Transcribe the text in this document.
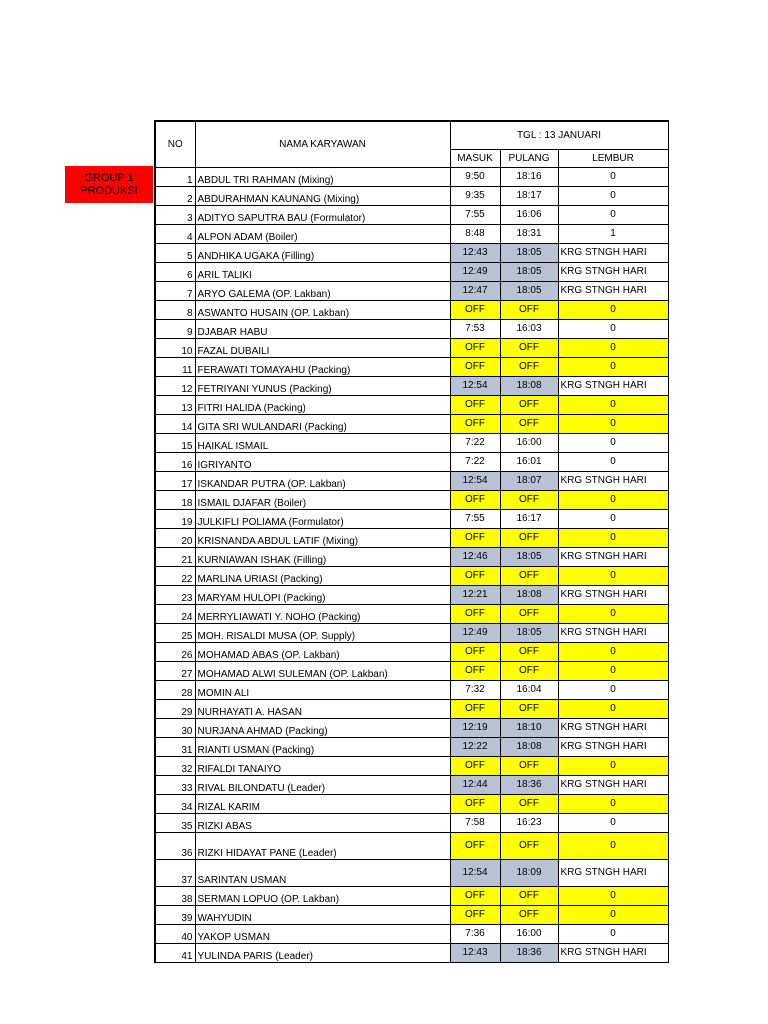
GROUP 1
PRODUKSI
NO	NAMA KARYAWAN	TGL : 13 JANUARI		
		MASUK	PULANG	LEMBUR
1	ABDUL TRI RAHMAN (Mixing)	9:50	18:16	0
2	ABDURAHMAN KAUNANG (Mixing)	9:35	18:17	0
3	ADITYO SAPUTRA BAU (Formulator)	7:55	16:06	0
4	ALPON ADAM (Boiler)	8:48	18:31	1
5	ANDHIKA UGAKA (Filling)	12:43	18:05	KRG STNGH HARI
6	ARIL TALIKI	12:49	18:05	KRG STNGH HARI
7	ARYO GALEMA (OP. Lakban)	12:47	18:05	KRG STNGH HARI
8	ASWANTO HUSAIN (OP. Lakban)	OFF	OFF	0
9	DJABAR HABU	7:53	16:03	0
10	FAZAL DUBAILI	OFF	OFF	0
11	FERAWATI TOMAYAHU (Packing)	OFF	OFF	0
12	FETRIYANI YUNUS (Packing)	12:54	18:08	KRG STNGH HARI
13	FITRI HALIDA (Packing)	OFF	OFF	0
14	GITA SRI WULANDARI (Packing)	OFF	OFF	0
15	HAIKAL ISMAIL	7:22	16:00	0
16	IGRIYANTO	7:22	16:01	0
17	ISKANDAR PUTRA (OP. Lakban)	12:54	18:07	KRG STNGH HARI
18	ISMAIL DJAFAR (Boiler)	OFF	OFF	0
19	JULKIFLI POLIAMA (Formulator)	7:55	16:17	0
20	KRISNANDA ABDUL LATIF (Mixing)	OFF	OFF	0
21	KURNIAWAN ISHAK (Filling)	12:46	18:05	KRG STNGH HARI
22	MARLINA URIASI (Packing)	OFF	OFF	0
23	MARYAM HULOPI (Packing)	12:21	18:08	KRG STNGH HARI
24	MERRYLIAWATI Y. NOHO (Packing)	OFF	OFF	0
25	MOH. RISALDI MUSA (OP. Supply)	12:49	18:05	KRG STNGH HARI
26	MOHAMAD ABAS (OP. Lakban)	OFF	OFF	0
27	MOHAMAD ALWI SULEMAN (OP. Lakban)	OFF	OFF	0
28	MOMIN ALI	7:32	16:04	0
29	NURHAYATI A. HASAN	OFF	OFF	0
30	NURJANA AHMAD (Packing)	12:19	18:10	KRG STNGH HARI
31	RIANTI USMAN (Packing)	12:22	18:08	KRG STNGH HARI
32	RIFALDI TANAIYO	OFF	OFF	0
33	RIVAL BILONDATU (Leader)	12:44	18:36	KRG STNGH HARI
34	RIZAL KARIM	OFF	OFF	0
35	RIZKI ABAS	7:58	16:23	0
36	RIZKI HIDAYAT PANE (Leader)	OFF	OFF	0
37	SARINTAN USMAN	12:54	18:09	KRG STNGH HARI
38	SERMAN LOPUO (OP. Lakban)	OFF	OFF	0
39	WAHYUDIN	OFF	OFF	0
40	YAKOP USMAN	7:36	16:00	0
41	YULINDA PARIS (Leader)	12:43	18:36	KRG STNGH HARI
